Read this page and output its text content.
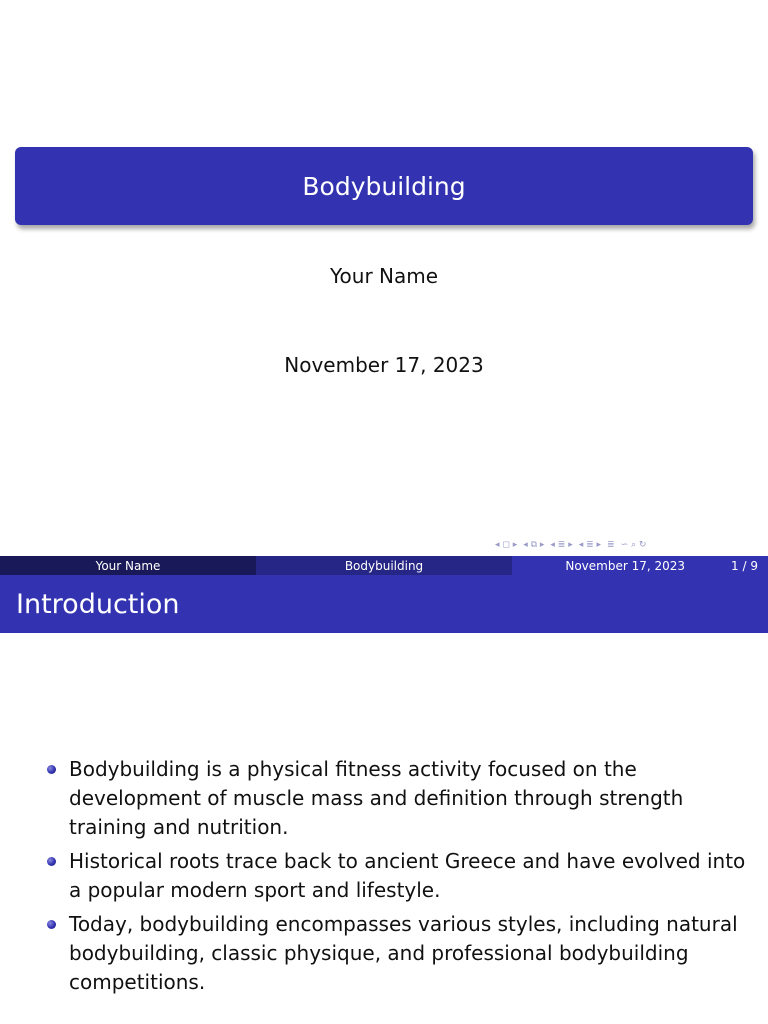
Bodybuilding
Your Name
November 17, 2023
◂ ◻ ▸ ◂ ⧉ ▸ ◂ ≣ ▸ ◂ ≣ ▸ ≣ ∽ ⌕ ↻
Your Name	Bodybuilding	November 17, 2023	1 / 9
Introduction
Bodybuilding is a physical fitness activity focused on the development of muscle mass and definition through strength training and nutrition.
Historical roots trace back to ancient Greece and have evolved into a popular modern sport and lifestyle.
Today, bodybuilding encompasses various styles, including natural bodybuilding, classic physique, and professional bodybuilding competitions.
